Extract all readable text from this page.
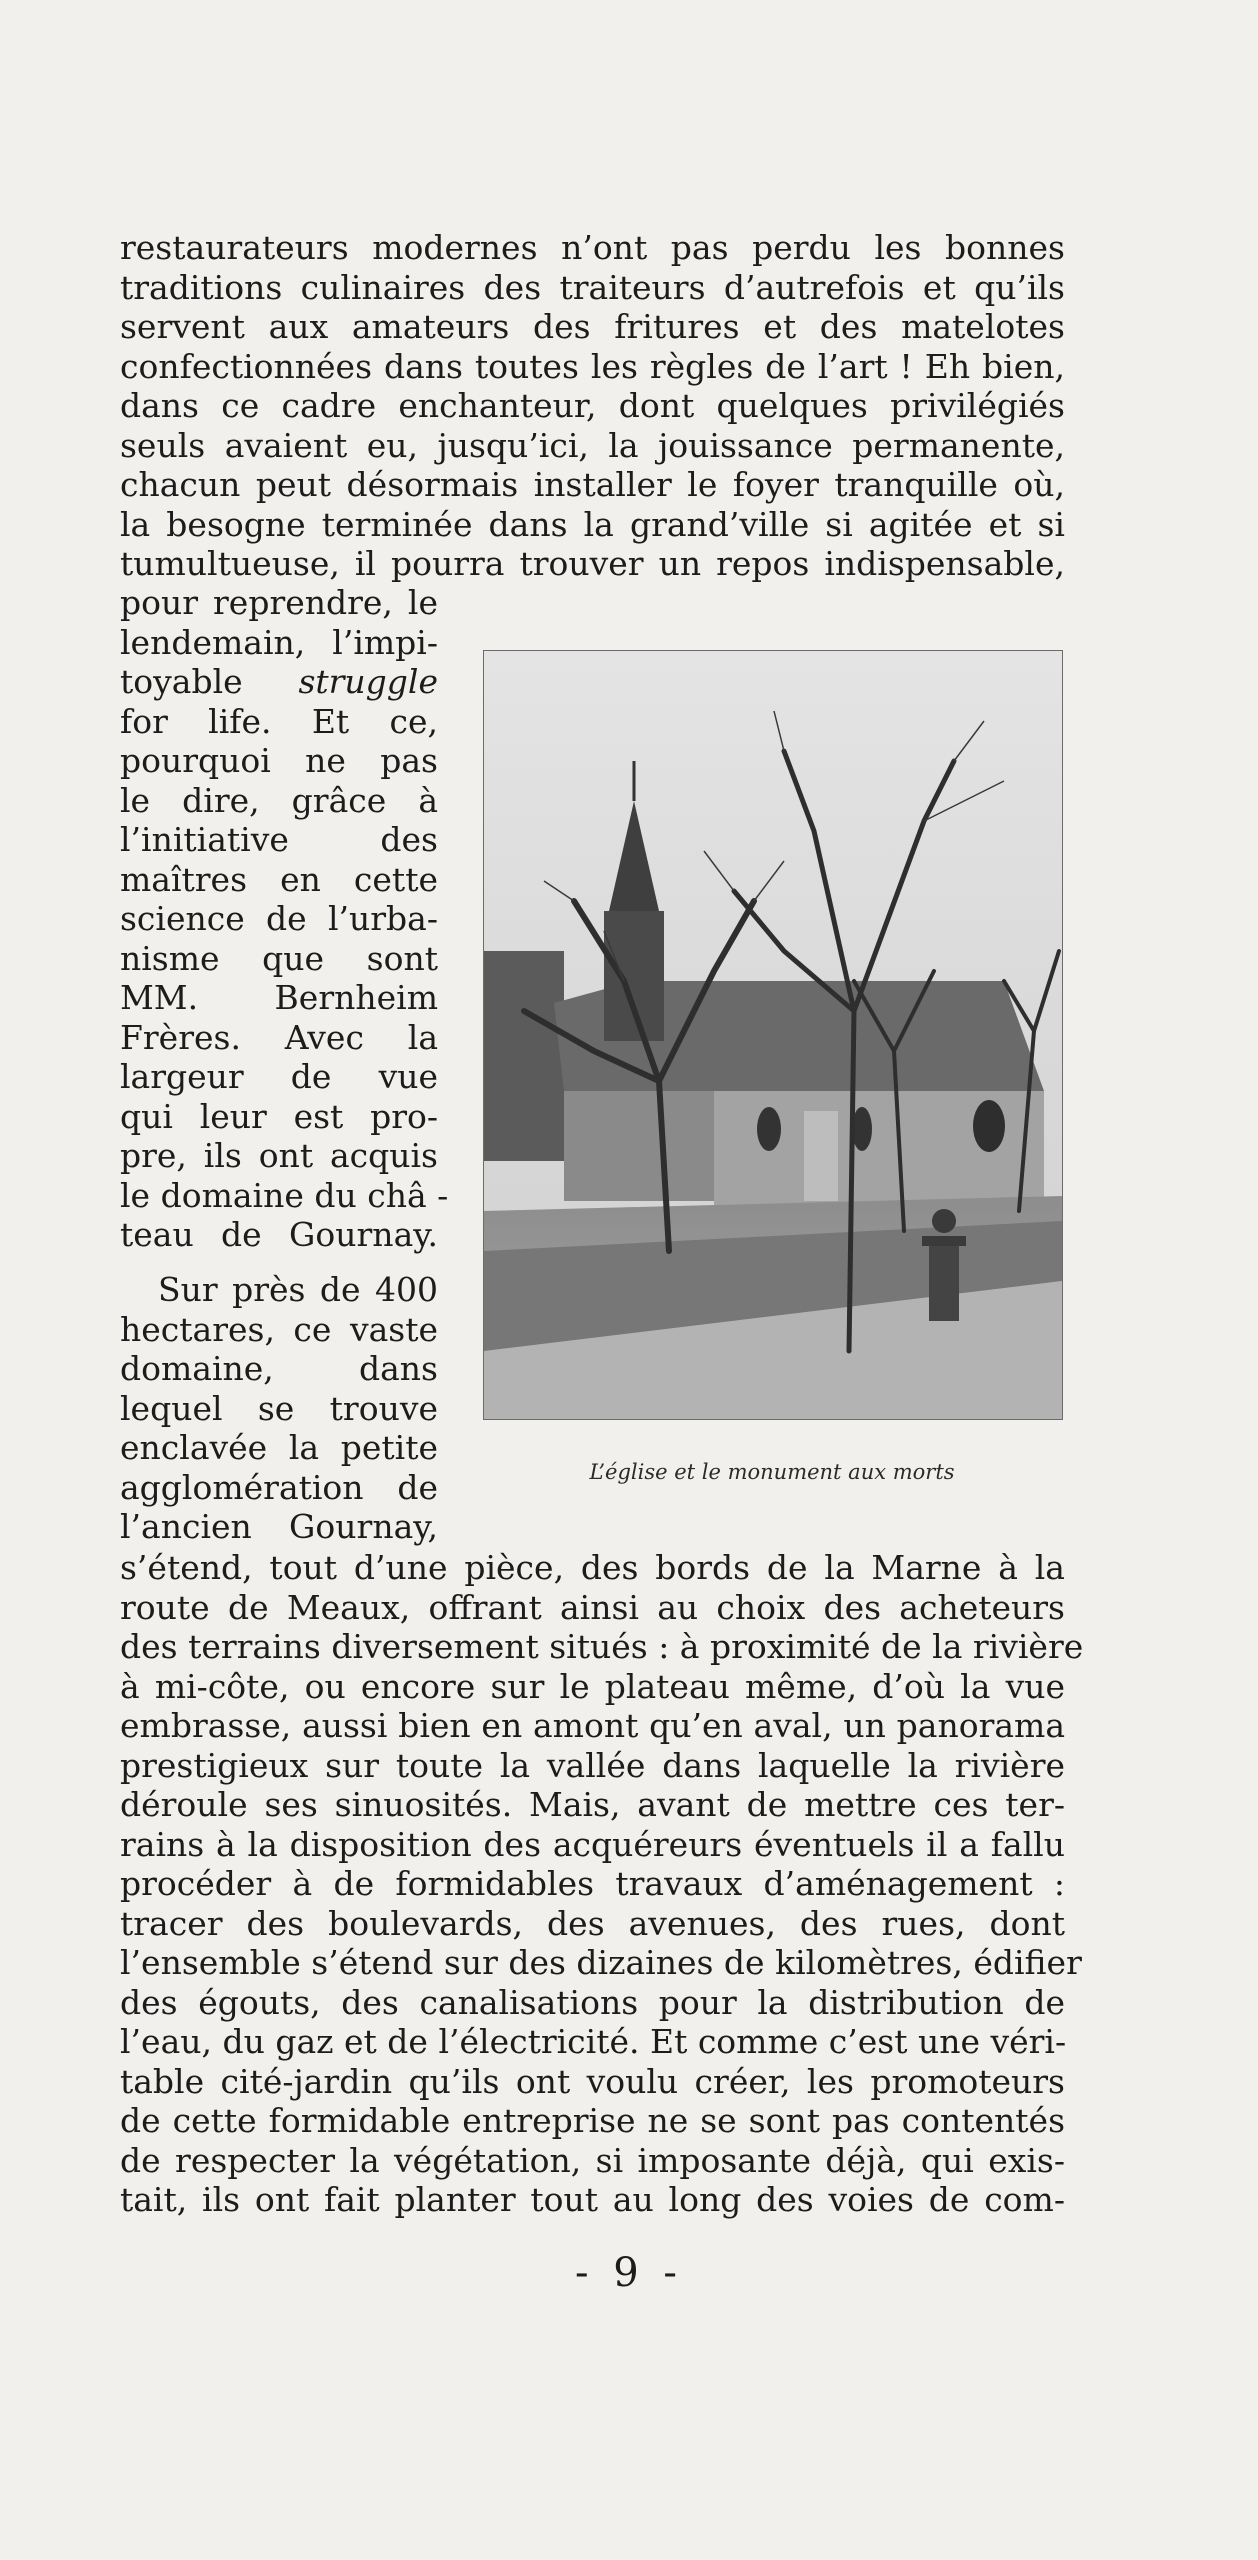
restaurateurs modernes n’ont pas perdu les bonnes
traditions culinaires des traiteurs d’autrefois et qu’ils
servent aux amateurs des fritures et des matelotes
confectionnées dans toutes les règles de l’art ! Eh bien,
dans ce cadre enchanteur, dont quelques privilégiés
seuls avaient eu, jusqu’ici, la jouissance permanente,
chacun peut désormais installer le foyer tranquille où,
la besogne terminée dans la grand’ville si agitée et si
tumultueuse, il pourra trouver un repos indispensable,
pour reprendre, le
lendemain, l’impi-
toyable struggle
for life. Et ce,
pourquoi ne pas
le dire, grâce à
l’initiative des
maîtres en cette
science de l’urba-
nisme que sont
MM. Bernheim
Frères. Avec la
largeur de vue
qui leur est pro-
pre, ils ont acquis
le domaine du châ -
teau de Gournay.
Sur près de 400
hectares, ce vaste
domaine, dans
lequel se trouve
enclavée la petite
agglomération de
l’ancien Gournay,
L’église et le monument aux morts
s’étend, tout d’une pièce, des bords de la Marne à la
route de Meaux, offrant ainsi au choix des acheteurs
des terrains diversement situés : à proximité de la rivière
à mi-côte, ou encore sur le plateau même, d’où la vue
embrasse, aussi bien en amont qu’en aval, un panorama
prestigieux sur toute la vallée dans laquelle la rivière
déroule ses sinuosités. Mais, avant de mettre ces ter-
rains à la disposition des acquéreurs éventuels il a fallu
procéder à de formidables travaux d’aménagement :
tracer des boulevards, des avenues, des rues, dont
l’ensemble s’étend sur des dizaines de kilomètres, édifier
des égouts, des canalisations pour la distribution de
l’eau, du gaz et de l’électricité. Et comme c’est une véri-
table cité-jardin qu’ils ont voulu créer, les promoteurs
de cette formidable entreprise ne se sont pas contentés
de respecter la végétation, si imposante déjà, qui exis-
tait, ils ont fait planter tout au long des voies de com-
- 9 -
